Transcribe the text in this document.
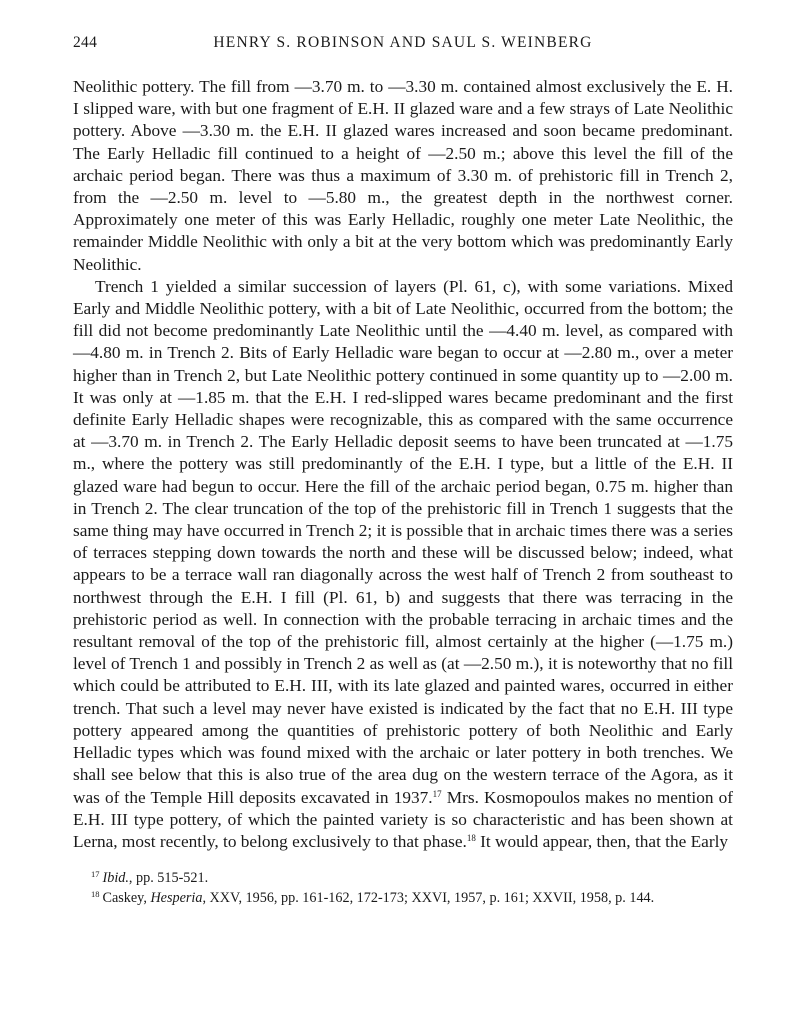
244	HENRY S. ROBINSON AND SAUL S. WEINBERG

Neolithic pottery. The fill from —3.70 m. to —3.30 m. contained almost exclusively the E. H. I slipped ware, with but one fragment of E.H. II glazed ware and a few strays of Late Neolithic pottery. Above —3.30 m. the E.H. II glazed wares increased and soon became predominant. The Early Helladic fill continued to a height of —2.50 m.; above this level the fill of the archaic period began. There was thus a maximum of 3.30 m. of prehistoric fill in Trench 2, from the —2.50 m. level to —5.80 m., the greatest depth in the northwest corner. Approximately one meter of this was Early Helladic, roughly one meter Late Neolithic, the remainder Middle Neolithic with only a bit at the very bottom which was predominantly Early Neolithic.

Trench 1 yielded a similar succession of layers (Pl. 61, c), with some variations. Mixed Early and Middle Neolithic pottery, with a bit of Late Neolithic, occurred from the bottom; the fill did not become predominantly Late Neolithic until the —4.40 m. level, as compared with —4.80 m. in Trench 2. Bits of Early Helladic ware began to occur at —2.80 m., over a meter higher than in Trench 2, but Late Neolithic pottery continued in some quantity up to —2.00 m. It was only at —1.85 m. that the E.H. I red-slipped wares became predominant and the first definite Early Helladic shapes were recognizable, this as compared with the same occurrence at —3.70 m. in Trench 2. The Early Helladic deposit seems to have been truncated at —1.75 m., where the pottery was still predominantly of the E.H. I type, but a little of the E.H. II glazed ware had begun to occur. Here the fill of the archaic period began, 0.75 m. higher than in Trench 2. The clear truncation of the top of the prehistoric fill in Trench 1 suggests that the same thing may have occurred in Trench 2; it is possible that in archaic times there was a series of terraces stepping down towards the north and these will be discussed below; indeed, what appears to be a terrace wall ran diagonally across the west half of Trench 2 from southeast to northwest through the E.H. I fill (Pl. 61, b) and suggests that there was terracing in the prehistoric period as well. In connection with the probable terracing in archaic times and the resultant removal of the top of the prehistoric fill, almost certainly at the higher (—1.75 m.) level of Trench 1 and possibly in Trench 2 as well as (at —2.50 m.), it is noteworthy that no fill which could be attributed to E.H. III, with its late glazed and painted wares, occurred in either trench. That such a level may never have existed is indicated by the fact that no E.H. III type pottery appeared among the quantities of prehistoric pottery of both Neolithic and Early Helladic types which was found mixed with the archaic or later pottery in both trenches. We shall see below that this is also true of the area dug on the western terrace of the Agora, as it was of the Temple Hill deposits excavated in 1937.17 Mrs. Kosmopoulos makes no mention of E.H. III type pottery, of which the painted variety is so characteristic and has been shown at Lerna, most recently, to belong exclusively to that phase.$^{18}$ It would appear, then, that the Early

$^{17}$ Ibid., pp. 515-521.

$^{18}$ Caskey, Hesperia, XXV, 1956, pp. 161-162, 172-173; XXVI, 1957, p. 161; XXVII, 1958, p. 144.
